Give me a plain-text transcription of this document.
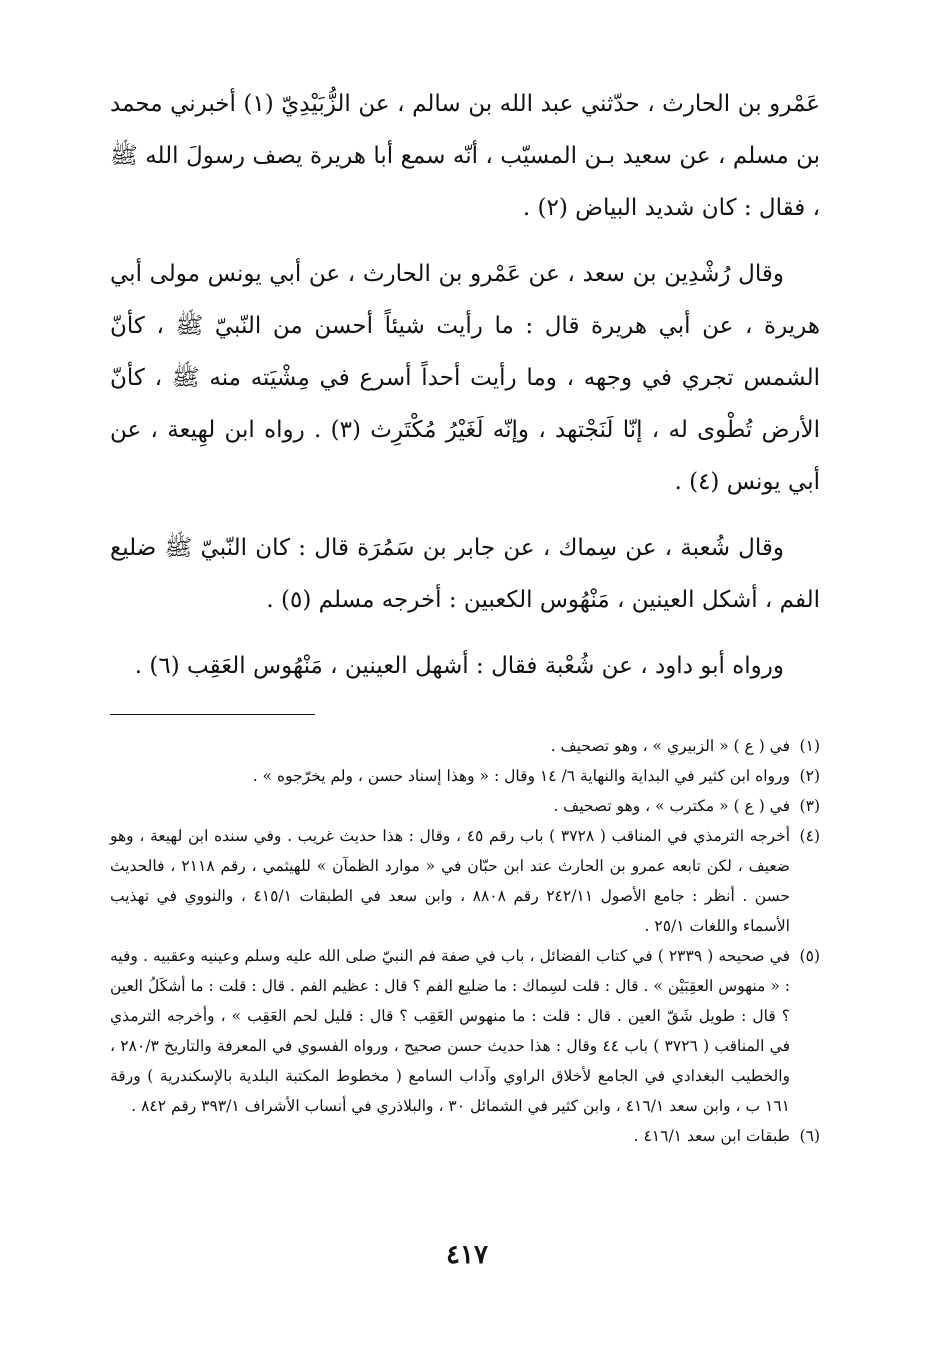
عَمْرو بن الحارث ، حدّثني عبد الله بن سالم ، عن الزُّبَيْدِيّ (١) أخبرني محمد بن مسلم ، عن سعيد بـن المسيّب ، أنّه سمع أبا هريرة يصف رسولَ الله ﷺ ، فقال : كان شديد البياض (٢) .

وقال رُشْدِين بن سعد ، عن عَمْرو بن الحارث ، عن أبي يونس مولى أبي هريرة ، عن أبي هريرة قال : ما رأيت شيئاً أحسن من النّبيّ ﷺ ، كأنّ الشمس تجري في وجهه ، وما رأيت أحداً أسرع في مِشْيَته منه ﷺ ، كأنّ الأرض تُطْوى له ، إنّا لَنَجْتهد ، وإنّه لَغَيْرُ مُكْتَرِث (٣) . رواه ابن لهِيعة ، عن أبي يونس (٤) .

وقال شُعبة ، عن سِماك ، عن جابر بن سَمُرَة قال : كان النّبيّ ﷺ ضليع الفم ، أشكل العينين ، مَنْهُوس الكعبين : أخرجه مسلم (٥) .

ورواه أبو داود ، عن شُعْبة فقال : أشهل العينين ، مَنْهُوس العَقِب (٦) .

(١)
في ( ع ) « الزبيري » ، وهو تصحيف .

(٢)
ورواه ابن كثير في البداية والنهاية ٦/ ١٤ وقال : « وهذا إسناد حسن ، ولم يخرّجوه » .

(٣)
في ( ع ) « مكترب » ، وهو تصحيف .

(٤)
أخرجه الترمذي في المناقب ( ٣٧٢٨ ) باب رقم ٤٥ ، وقال : هذا حديث غريب . وفي سنده ابن لهيعة ، وهو ضعيف ، لكن تابعه عمرو بن الحارث عند ابن حبّان في « موارد الظمآن » للهيثمي ، رقم ٢١١٨ ، فالحديث حسن . أنظر : جامع الأصول ٢٤٢/١١ رقم ٨٨٠٨ ، وابن سعد في الطبقات ٤١٥/١ ، والنووي في تهذيب الأسماء واللغات ٢٥/١ .

(٥)
في صحيحه ( ٢٣٣٩ ) في كتاب الفضائل ، باب في صفة فم النبيّ صلى الله عليه وسلم وعينيه وعقبيه . وفيه : « منهوس العقِبَيْن » . قال : قلت لسِماك : ما ضليع الفم ؟ قال : عظيم الفم . قال : قلت : ما أشكَلُ العين ؟ قال : طويل شَقّ العين . قال : قلت : ما منهوس العَقِب ؟ قال : قليل لحم العَقِب » ، وأخرجه الترمذي في المناقب ( ٣٧٢٦ ) باب ٤٤ وقال : هذا حديث حسن صحيح ، ورواه الفسوي في المعرفة والتاريخ ٢٨٠/٣ ، والخطيب البغدادي في الجامع لأخلاق الراوي وآداب السامع ( مخطوط المكتبة البلدية بالإسكندرية ) ورقة ١٦١ ب ، وابن سعد ٤١٦/١ ، وابن كثير في الشمائل ٣٠ ، والبلاذري في أنساب الأشراف ٣٩٣/١ رقم ٨٤٢ .

(٦)
طبقات ابن سعد ٤١٦/١ .

٤١٧
